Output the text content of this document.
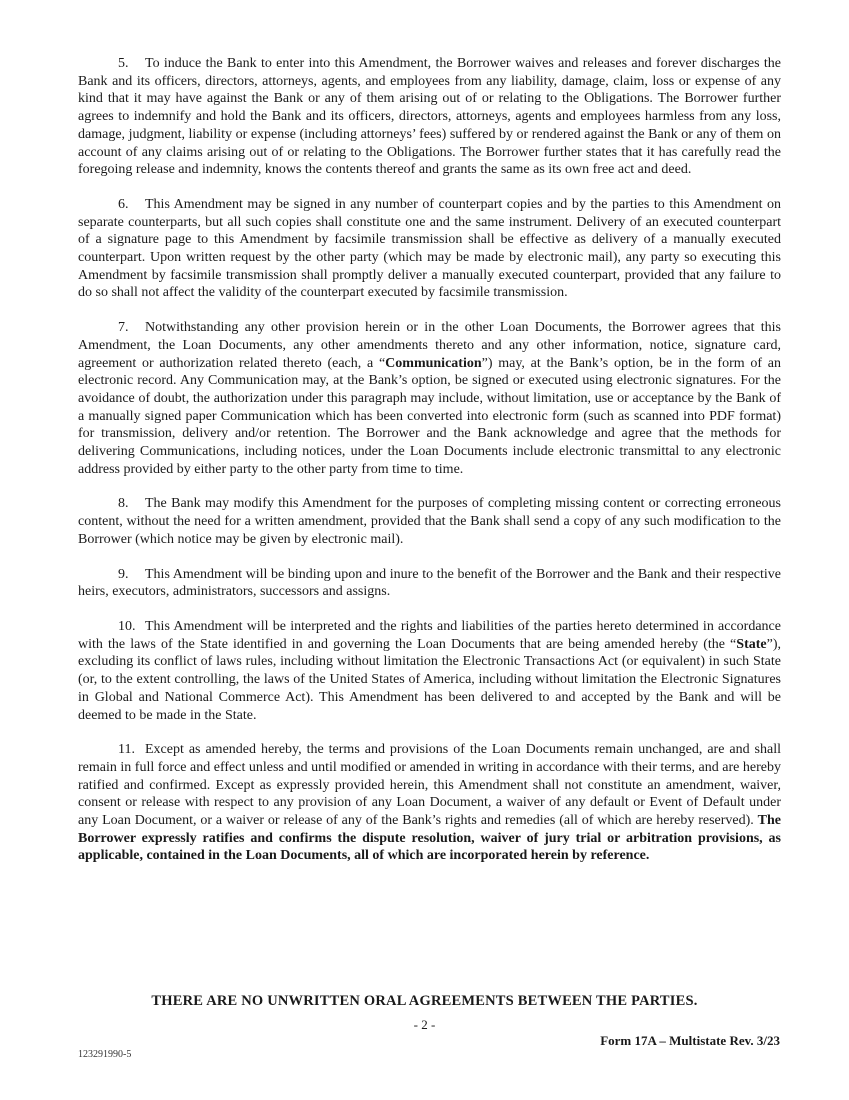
5. To induce the Bank to enter into this Amendment, the Borrower waives and releases and forever discharges the Bank and its officers, directors, attorneys, agents, and employees from any liability, damage, claim, loss or expense of any kind that it may have against the Bank or any of them arising out of or relating to the Obligations. The Borrower further agrees to indemnify and hold the Bank and its officers, directors, attorneys, agents and employees harmless from any loss, damage, judgment, liability or expense (including attorneys’ fees) suffered by or rendered against the Bank or any of them on account of any claims arising out of or relating to the Obligations. The Borrower further states that it has carefully read the foregoing release and indemnity, knows the contents thereof and grants the same as its own free act and deed.

6. This Amendment may be signed in any number of counterpart copies and by the parties to this Amendment on separate counterparts, but all such copies shall constitute one and the same instrument. Delivery of an executed counterpart of a signature page to this Amendment by facsimile transmission shall be effective as delivery of a manually executed counterpart. Upon written request by the other party (which may be made by electronic mail), any party so executing this Amendment by facsimile transmission shall promptly deliver a manually executed counterpart, provided that any failure to do so shall not affect the validity of the counterpart executed by facsimile transmission.

7. Notwithstanding any other provision herein or in the other Loan Documents, the Borrower agrees that this Amendment, the Loan Documents, any other amendments thereto and any other information, notice, signature card, agreement or authorization related thereto (each, a “Communication”) may, at the Bank’s option, be in the form of an electronic record. Any Communication may, at the Bank’s option, be signed or executed using electronic signatures. For the avoidance of doubt, the authorization under this paragraph may include, without limitation, use or acceptance by the Bank of a manually signed paper Communication which has been converted into electronic form (such as scanned into PDF format) for transmission, delivery and/or retention. The Borrower and the Bank acknowledge and agree that the methods for delivering Communications, including notices, under the Loan Documents include electronic transmittal to any electronic address provided by either party to the other party from time to time.

8. The Bank may modify this Amendment for the purposes of completing missing content or correcting erroneous content, without the need for a written amendment, provided that the Bank shall send a copy of any such modification to the Borrower (which notice may be given by electronic mail).

9. This Amendment will be binding upon and inure to the benefit of the Borrower and the Bank and their respective heirs, executors, administrators, successors and assigns.

10. This Amendment will be interpreted and the rights and liabilities of the parties hereto determined in accordance with the laws of the State identified in and governing the Loan Documents that are being amended hereby (the “State”), excluding its conflict of laws rules, including without limitation the Electronic Transactions Act (or equivalent) in such State (or, to the extent controlling, the laws of the United States of America, including without limitation the Electronic Signatures in Global and National Commerce Act). This Amendment has been delivered to and accepted by the Bank and will be deemed to be made in the State.

11. Except as amended hereby, the terms and provisions of the Loan Documents remain unchanged, are and shall remain in full force and effect unless and until modified or amended in writing in accordance with their terms, and are hereby ratified and confirmed. Except as expressly provided herein, this Amendment shall not constitute an amendment, waiver, consent or release with respect to any provision of any Loan Document, a waiver of any default or Event of Default under any Loan Document, or a waiver or release of any of the Bank’s rights and remedies (all of which are hereby reserved). The Borrower expressly ratifies and confirms the dispute resolution, waiver of jury trial or arbitration provisions, as applicable, contained in the Loan Documents, all of which are incorporated herein by reference.

THERE ARE NO UNWRITTEN ORAL AGREEMENTS BETWEEN THE PARTIES.
- 2 -
Form 17A – Multistate Rev. 3/23
123291990-5
